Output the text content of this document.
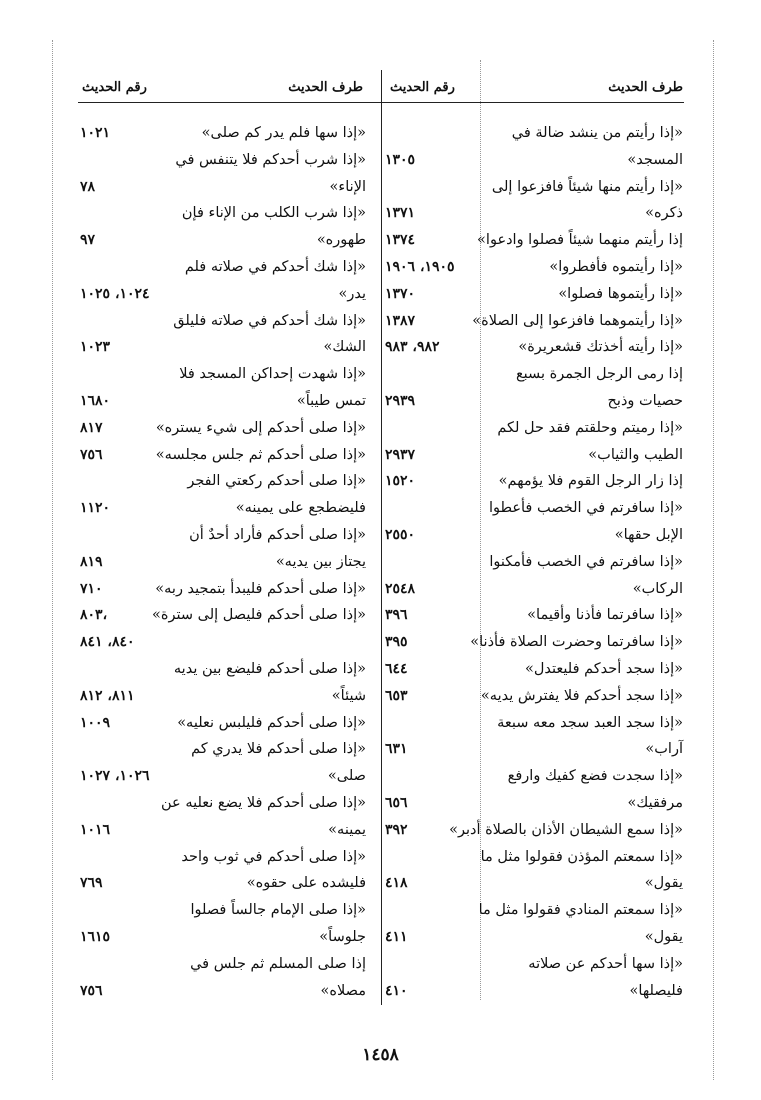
طرف الحديث
رقم الحديث
طرف الحديث
رقم الحديث
«إذا رأيتم من ينشد ضالة في
المسجد»
١٣٠٥
«إذا رأيتم منها شيئاً فافزعوا إلى
ذكره»
١٣٧١
إذا رأيتم منهما شيئاً فصلوا وادعوا»
١٣٧٤
«إذا رأيتموه فأفطروا»
١٩٠٥، ١٩٠٦
«إذا رأيتموها فصلوا»
١٣٧٠
«إذا رأيتموهما فافزعوا إلى الصلاة»
١٣٨٧
«إذا رأيته أخذتك قشعريرة»
٩٨٢، ٩٨٣
إذا رمى الرجل الجمرة بسبع
حصيات وذبح
٢٩٣٩
«إذا رميتم وحلقتم فقد حل لكم
الطيب والثياب»
٢٩٣٧
إذا زار الرجل القوم فلا يؤمهم»
١٥٢٠
«إذا سافرتم في الخصب فأعطوا
الإبل حقها»
٢٥٥٠
«إذا سافرتم في الخصب فأمكنوا
الركاب»
٢٥٤٨
«إذا سافرتما فأذنا وأقيما»
٣٩٦
«إذا سافرتما وحضرت الصلاة فأذنا»
٣٩٥
«إذا سجد أحدكم فليعتدل»
٦٤٤
«إذا سجد أحدكم فلا يفترش يديه»
٦٥٣
«إذا سجد العبد سجد معه سبعة
آراب»
٦٣١
«إذا سجدت فضع كفيك وارفع
مرفقيك»
٦٥٦
«إذا سمع الشيطان الأذان بالصلاة أدبر»
٣٩٢
«إذا سمعتم المؤذن فقولوا مثل ما
يقول»
٤١٨
«إذا سمعتم المنادي فقولوا مثل ما
يقول»
٤١١
«إذا سها أحدكم عن صلاته
فليصلها»
٤١٠
«إذا سها فلم يدر كم صلى»
١٠٢١
«إذا شرب أحدكم فلا يتنفس في
الإناء»
٧٨
«إذا شرب الكلب من الإناء فإن
طهوره»
٩٧
«إذا شك أحدكم في صلاته فلم
يدر»
١٠٢٤، ١٠٢٥
«إذا شك أحدكم في صلاته فليلق
الشك»
١٠٢٣
«إذا شهدت إحداكن المسجد فلا
تمس طيباً»
١٦٨٠
«إذا صلى أحدكم إلى شيء يستره»
٨١٧
«إذا صلى أحدكم ثم جلس مجلسه»
٧٥٦
«إذا صلى أحدكم ركعتي الفجر
فليضطجع على يمينه»
١١٢٠
«إذا صلى أحدكم فأراد أحدٌ أن
يجتاز بين يديه»
٨١٩
«إذا صلى أحدكم فليبدأ بتمجيد ربه»
٧١٠
«إذا صلى أحدكم فليصل إلى سترة»
٨٠٣،
٨٤٠، ٨٤١
«إذا صلى أحدكم فليضع بين يديه
شيئاً»
٨١١، ٨١٢
«إذا صلى أحدكم فليلبس نعليه»
١٠٠٩
«إذا صلى أحدكم فلا يدري كم
صلى»
١٠٢٦، ١٠٢٧
«إذا صلى أحدكم فلا يضع نعليه عن
يمينه»
١٠١٦
«إذا صلى أحدكم في ثوب واحد
فليشده على حقوه»
٧٦٩
«إذا صلى الإمام جالساً فصلوا
جلوساً»
١٦١٥
إذا صلى المسلم ثم جلس في
مصلاه»
٧٥٦
١٤٥٨
